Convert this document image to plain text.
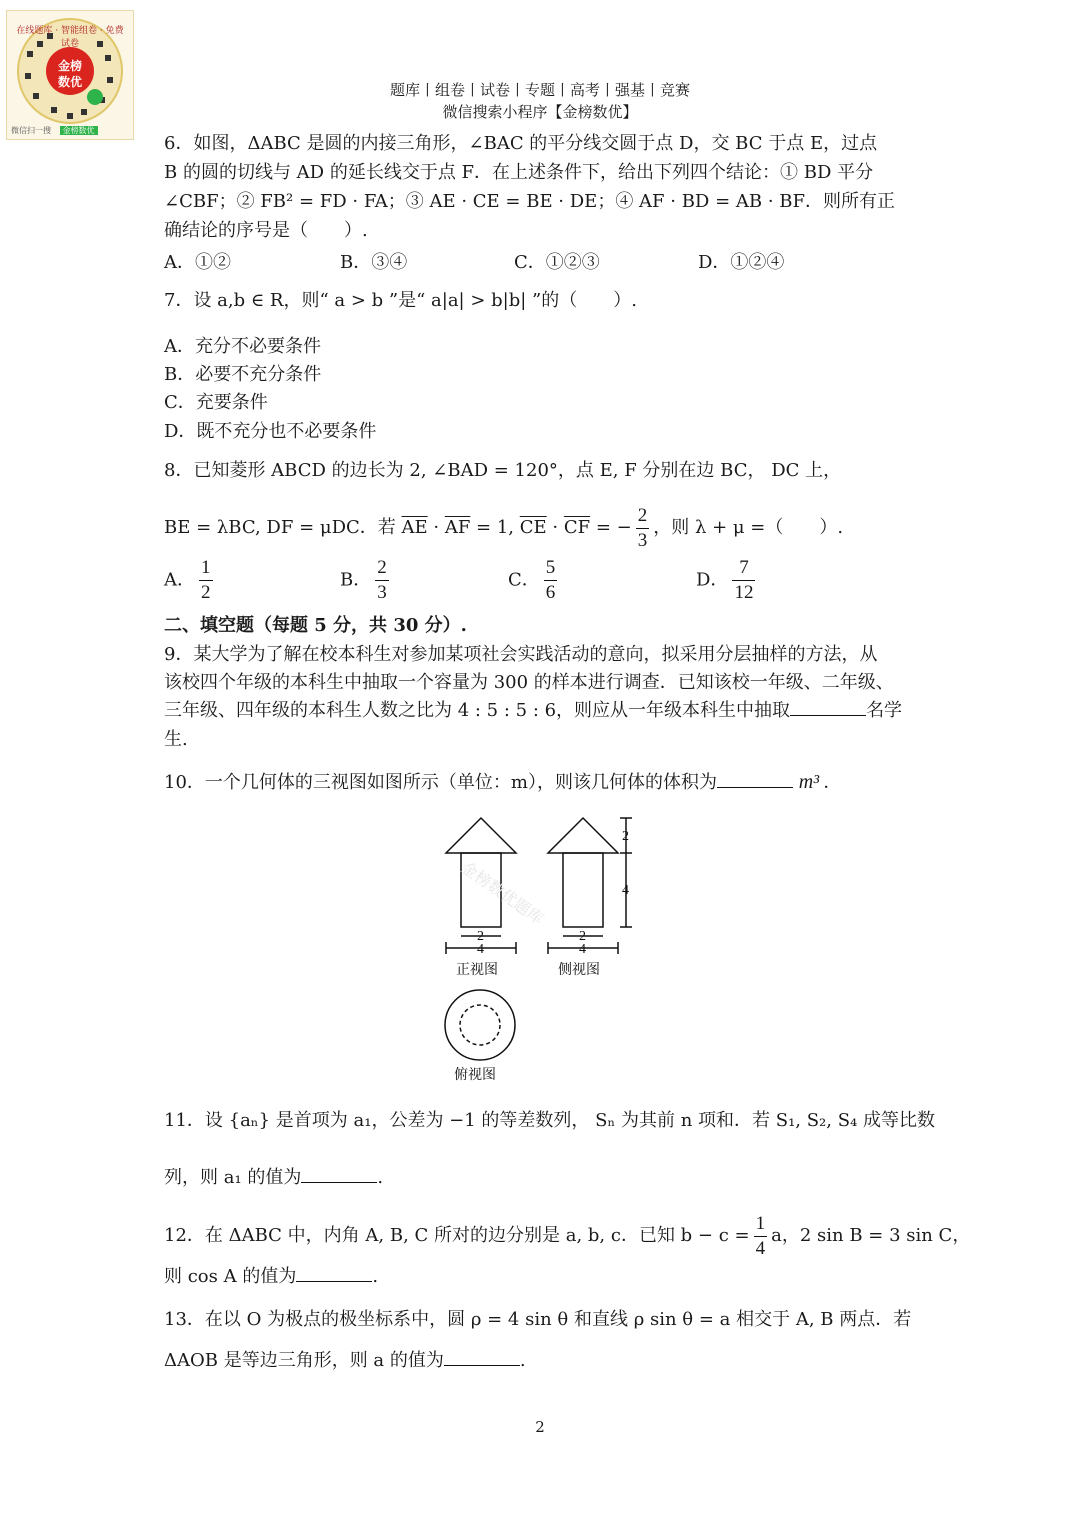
在线题库 · 智能组卷 · 免费试卷
金榜
数优
微信扫一搜 金榜数优
题库丨组卷丨试卷丨专题丨高考丨强基丨竞赛
微信搜索小程序【金榜数优】
6．如图，ΔABC 是圆的内接三角形，∠BAC 的平分线交圆于点 D，交 BC 于点 E，过点
B 的圆的切线与 AD 的延长线交于点 F．在上述条件下，给出下列四个结论：① BD 平分
∠CBF；② FB² = FD · FA；③ AE · CE = BE · DE；④ AF · BD = AB · BF．则所有正
确结论的序号是（　　）.
A．①②	B．③④	C．①②③	D．①②④
7．设 a,b ∈ R，则“ a > b ”是“ a|a| > b|b| ”的（　　）.
A．充分不必要条件
B．必要不充分条件
C．充要条件
D．既不充分也不必要条件
8．已知菱形 ABCD 的边长为 2, ∠BAD = 120°，点 E, F 分别在边 BC， DC 上，
BE = λBC, DF = μDC．若 $\overline{AE} \cdot \overline{AF} = 1$, $\overline{CE} \cdot \overline{CF}$ = − $\frac{2}{3}$ ，则 λ + μ =（　　）.
A． $\frac{1}{2}$	B． $\frac{2}{3}$	C． $\frac{5}{6}$	D． $\frac{7}{12}$
二、填空题（每题 5 分，共 30 分）.
9．某大学为了解在校本科生对参加某项社会实践活动的意向，拟采用分层抽样的方法，从
该校四个年级的本科生中抽取一个容量为 300 的样本进行调查．已知该校一年级、二年级、
三年级、四年级的本科生人数之比为 4 : 5 : 5 : 6，则应从一年级本科生中抽取	名学
生.
10．一个几何体的三视图如图所示（单位：m），则该几何体的体积为	m³ .
2
4
2
4
2
4
正视图	侧视图
俯视图
金榜数优题库
11．设 {aₙ} 是首项为 a₁，公差为 −1 的等差数列， Sₙ 为其前 n 项和．若 S₁, S₂, S₄ 成等比数
列，则 a₁ 的值为	.
12．在 ΔABC 中，内角 A, B, C 所对的边分别是 a, b, c．已知 $b - c = \frac{1}{4}$ a，2 sin B = 3 sin C，
则 cos A 的值为	.
13．在以 O 为极点的极坐标系中，圆 ρ = 4 sin θ 和直线 ρ sin θ = a 相交于 A, B 两点．若
ΔAOB 是等边三角形，则 a 的值为	.
2
